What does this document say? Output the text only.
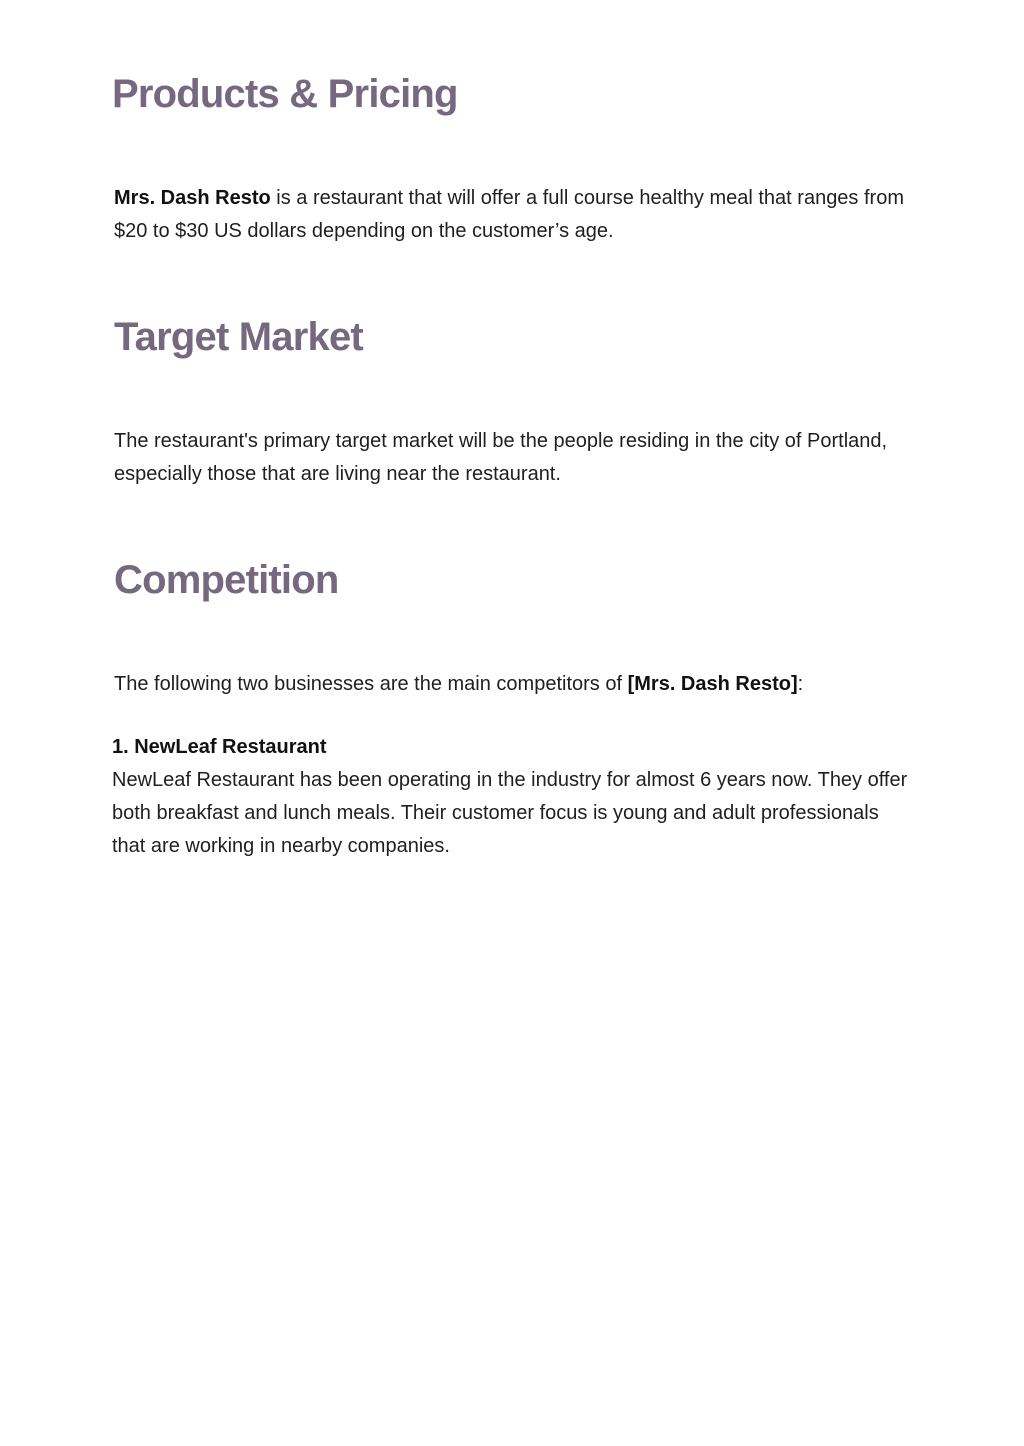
Products & Pricing

Mrs. Dash Resto is a restaurant that will offer a full course healthy meal that ranges from $20 to $30 US dollars depending on the customer’s age.

Target Market

The restaurant's primary target market will be the people residing in the city of Portland, especially those that are living near the restaurant.

Competition

The following two businesses are the main competitors of [Mrs. Dash Resto]:

1. NewLeaf Restaurant

NewLeaf Restaurant has been operating in the industry for almost 6 years now. They offer both breakfast and lunch meals. Their customer focus is young and adult professionals that are working in nearby companies.
